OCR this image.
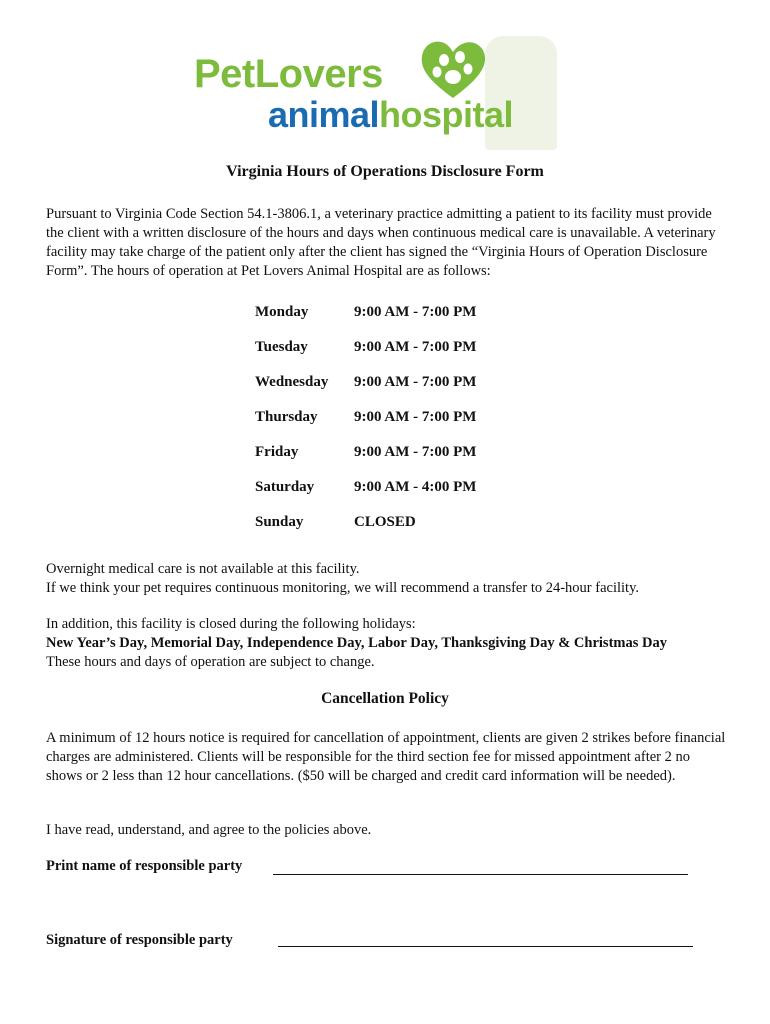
PetLovers
animalhospital
Virginia Hours of Operations Disclosure Form
Pursuant to Virginia Code Section 54.1-3806.1, a veterinary practice admitting a patient to its facility must provide the client with a written disclosure of the hours and days when continuous medical care is unavailable. A veterinary facility may take charge of the patient only after the client has signed the “Virginia Hours of Operation Disclosure Form”. The hours of operation at Pet Lovers Animal Hospital are as follows:
Monday	9:00 AM - 7:00 PM
Tuesday	9:00 AM - 7:00 PM
Wednesday 9:00 AM - 7:00 PM
Thursday 9:00 AM - 7:00 PM
Friday	9:00 AM - 7:00 PM
Saturday	9:00 AM - 4:00 PM
Sunday	CLOSED
Overnight medical care is not available at this facility.
If we think your pet requires continuous monitoring, we will recommend a transfer to 24-hour facility.
In addition, this facility is closed during the following holidays:
New Year’s Day, Memorial Day, Independence Day, Labor Day, Thanksgiving Day & Christmas Day
These hours and days of operation are subject to change.
Cancellation Policy
A minimum of 12 hours notice is required for cancellation of appointment, clients are given 2 strikes before financial charges are administered. Clients will be responsible for the third section fee for missed appointment after 2 no shows or 2 less than 12 hour cancellations. ($50 will be charged and credit card information will be needed).
I have read, understand, and agree to the policies above.
Print name of responsible party
Signature of responsible party
